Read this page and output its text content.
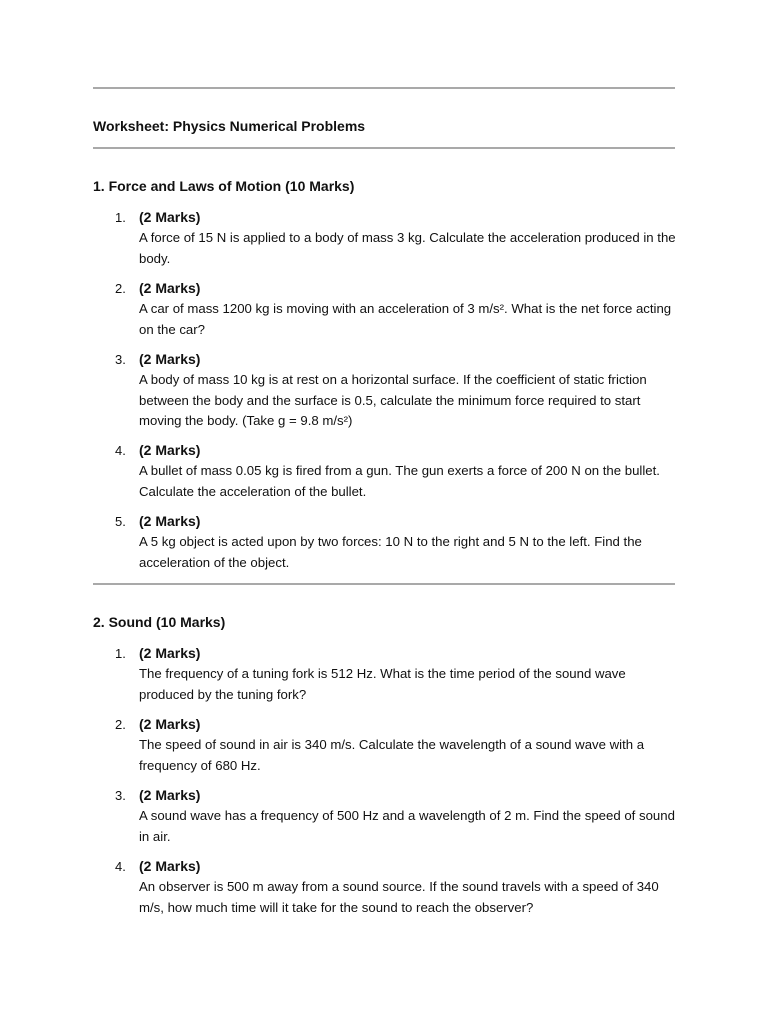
Worksheet: Physics Numerical Problems
1. Force and Laws of Motion (10 Marks)
1. (2 Marks)
A force of 15 N is applied to a body of mass 3 kg. Calculate the acceleration produced in the body.
2. (2 Marks)
A car of mass 1200 kg is moving with an acceleration of 3 m/s². What is the net force acting on the car?
3. (2 Marks)
A body of mass 10 kg is at rest on a horizontal surface. If the coefficient of static friction between the body and the surface is 0.5, calculate the minimum force required to start moving the body. (Take g = 9.8 m/s²)
4. (2 Marks)
A bullet of mass 0.05 kg is fired from a gun. The gun exerts a force of 200 N on the bullet. Calculate the acceleration of the bullet.
5. (2 Marks)
A 5 kg object is acted upon by two forces: 10 N to the right and 5 N to the left. Find the acceleration of the object.
2. Sound (10 Marks)
1. (2 Marks)
The frequency of a tuning fork is 512 Hz. What is the time period of the sound wave produced by the tuning fork?
2. (2 Marks)
The speed of sound in air is 340 m/s. Calculate the wavelength of a sound wave with a frequency of 680 Hz.
3. (2 Marks)
A sound wave has a frequency of 500 Hz and a wavelength of 2 m. Find the speed of sound in air.
4. (2 Marks)
An observer is 500 m away from a sound source. If the sound travels with a speed of 340 m/s, how much time will it take for the sound to reach the observer?
